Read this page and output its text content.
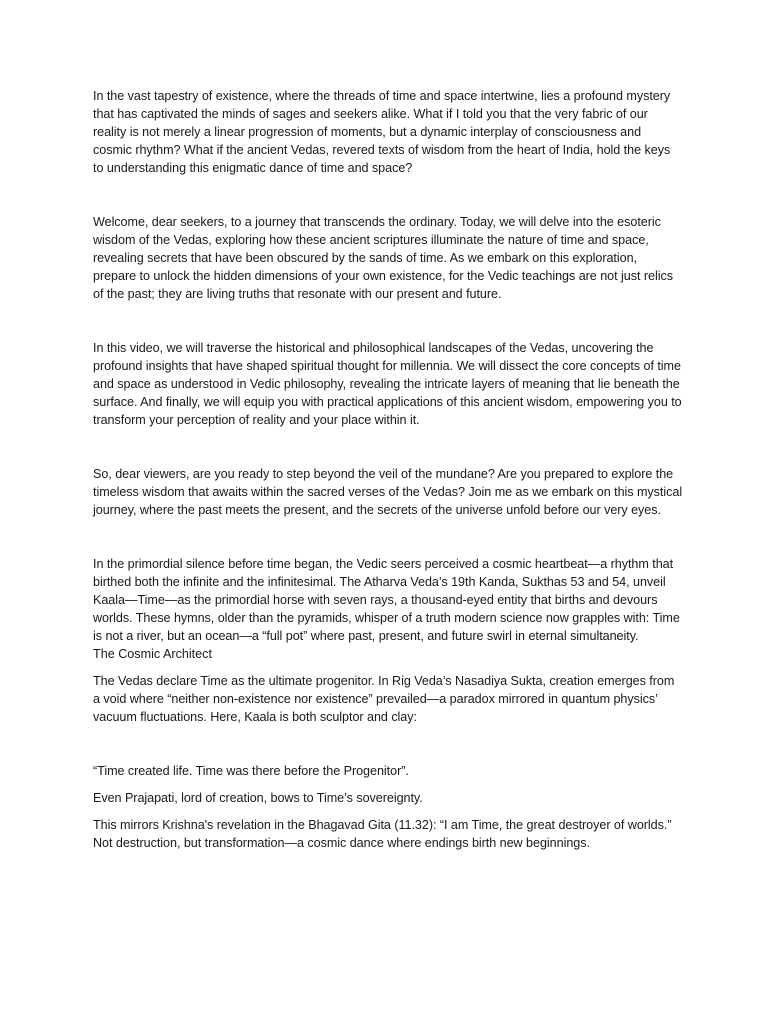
In the vast tapestry of existence, where the threads of time and space intertwine, lies a profound mystery that has captivated the minds of sages and seekers alike. What if I told you that the very fabric of our reality is not merely a linear progression of moments, but a dynamic interplay of consciousness and cosmic rhythm? What if the ancient Vedas, revered texts of wisdom from the heart of India, hold the keys to understanding this enigmatic dance of time and space?

Welcome, dear seekers, to a journey that transcends the ordinary. Today, we will delve into the esoteric wisdom of the Vedas, exploring how these ancient scriptures illuminate the nature of time and space, revealing secrets that have been obscured by the sands of time. As we embark on this exploration, prepare to unlock the hidden dimensions of your own existence, for the Vedic teachings are not just relics of the past; they are living truths that resonate with our present and future.

In this video, we will traverse the historical and philosophical landscapes of the Vedas, uncovering the profound insights that have shaped spiritual thought for millennia. We will dissect the core concepts of time and space as understood in Vedic philosophy, revealing the intricate layers of meaning that lie beneath the surface. And finally, we will equip you with practical applications of this ancient wisdom, empowering you to transform your perception of reality and your place within it.

So, dear viewers, are you ready to step beyond the veil of the mundane? Are you prepared to explore the timeless wisdom that awaits within the sacred verses of the Vedas? Join me as we embark on this mystical journey, where the past meets the present, and the secrets of the universe unfold before our very eyes.

In the primordial silence before time began, the Vedic seers perceived a cosmic heartbeat—a rhythm that birthed both the infinite and the infinitesimal. The Atharva Veda’s 19th Kanda, Sukthas 53 and 54, unveil Kaala—Time—as the primordial horse with seven rays, a thousand-eyed entity that births and devours worlds. These hymns, older than the pyramids, whisper of a truth modern science now grapples with: Time is not a river, but an ocean—a “full pot” where past, present, and future swirl in eternal simultaneity.

The Cosmic Architect

The Vedas declare Time as the ultimate progenitor. In Rig Veda’s Nasadiya Sukta, creation emerges from a void where “neither non-existence nor existence” prevailed—a paradox mirrored in quantum physics’ vacuum fluctuations. Here, Kaala is both sculptor and clay:

“Time created life. Time was there before the Progenitor”.

Even Prajapati, lord of creation, bows to Time’s sovereignty.

This mirrors Krishna's revelation in the Bhagavad Gita (11.32): “I am Time, the great destroyer of worlds.” Not destruction, but transformation—a cosmic dance where endings birth new beginnings.
